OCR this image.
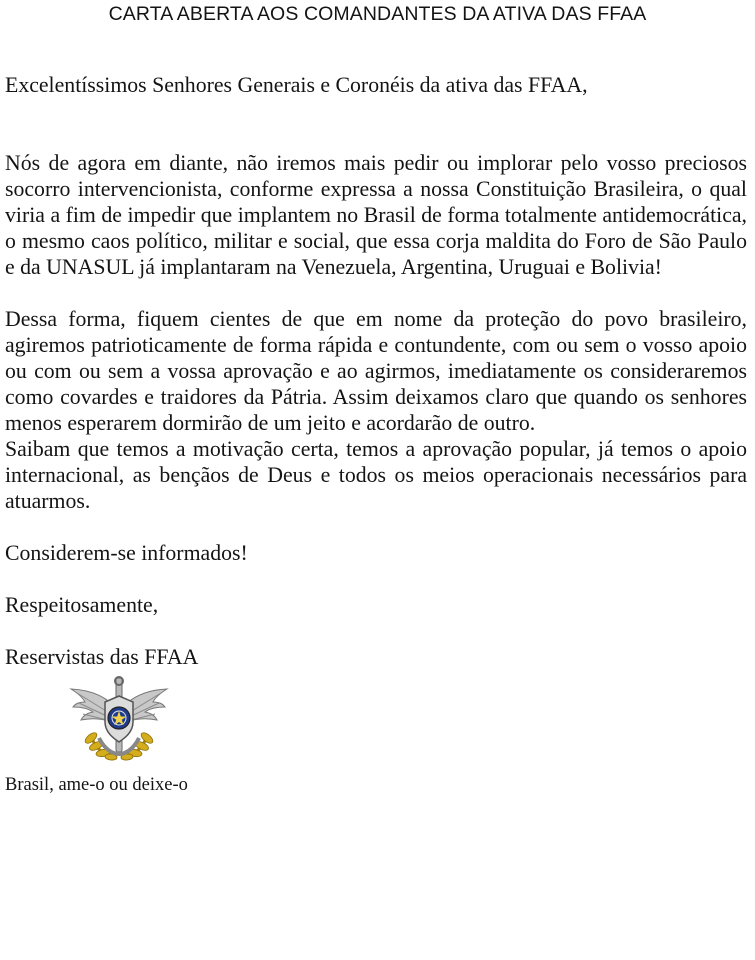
CARTA ABERTA AOS COMANDANTES DA ATIVA DAS FFAA

Excelentíssimos Senhores Generais e Coronéis da ativa das FFAA,

Nós de agora em diante, não iremos mais pedir ou implorar pelo vosso preciosos socorro intervencionista, conforme expressa a nossa Constituição Brasileira, o qual viria a fim de impedir que implantem no Brasil de forma totalmente antidemocrática, o mesmo caos político, militar e social, que essa corja maldita do Foro de São Paulo e da UNASUL já implantaram na Venezuela, Argentina, Uruguai e Bolivia!

Dessa forma, fiquem cientes de que em nome da proteção do povo brasileiro, agiremos patrioticamente de forma rápida e contundente, com ou sem o vosso apoio ou com ou sem a vossa aprovação e ao agirmos, imediatamente os consideraremos como covardes e traidores da Pátria. Assim deixamos claro que quando os senhores menos esperarem dormirão de um jeito e acordarão de outro.

Saibam que temos a motivação certa, temos a aprovação popular, já temos o apoio internacional, as bençãos de Deus e todos os meios operacionais necessários para atuarmos.

Considerem-se informados!

Respeitosamente,

Reservistas das FFAA

Brasil, ame-o ou deixe-o
